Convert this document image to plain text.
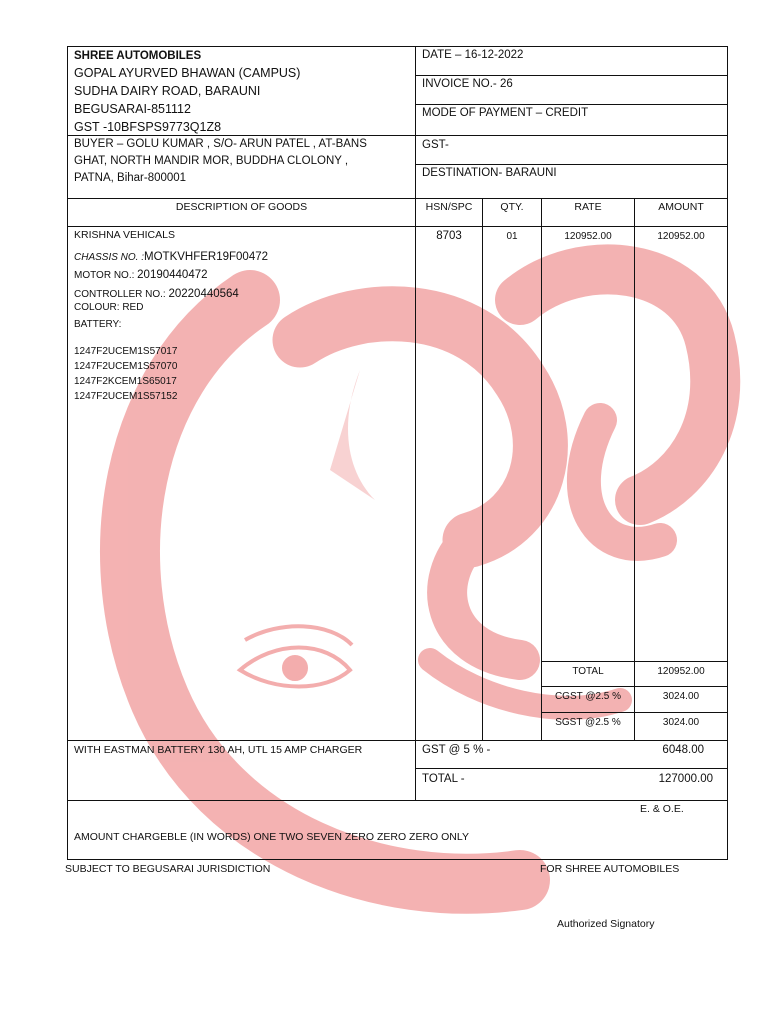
SHREE AUTOMOBILES
GOPAL AYURVED BHAWAN (CAMPUS)
SUDHA DAIRY ROAD, BARAUNI
BEGUSARAI-851112
GST -10BFSPS9773Q1Z8
BUYER – GOLU KUMAR , S/O- ARUN PATEL , AT-BANS
GHAT, NORTH MANDIR MOR, BUDDHA CLOLONY ,
PATNA, Bihar-800001
DATE – 16-12-2022
INVOICE NO.- 26
MODE OF PAYMENT – CREDIT
GST-
DESTINATION- BARAUNI
DESCRIPTION OF GOODS	HSN/SPC	QTY.	RATE	AMOUNT
KRISHNA VEHICALS
CHASSIS NO. :MOTKVHFER19F00472
MOTOR NO.: 20190440472
CONTROLLER NO.: 20220440564
COLOUR: RED
BATTERY:
1247F2UCEM1S57017
1247F2UCEM1S57070
1247F2KCEM1S65017
1247F2UCEM1S57152
8703	01	120952.00	120952.00
TOTAL	120952.00
CGST @2.5 %	3024.00
SGST @2.5 %	3024.00
WITH EASTMAN BATTERY 130 AH, UTL 15 AMP CHARGER	GST @ 5 % -	6048.00
TOTAL -	127000.00
E. & O.E.
AMOUNT CHARGEBLE (IN WORDS) ONE TWO SEVEN ZERO ZERO ZERO ONLY
SUBJECT TO BEGUSARAI JURISDICTION	FOR SHREE AUTOMOBILES
Authorized Signatory
